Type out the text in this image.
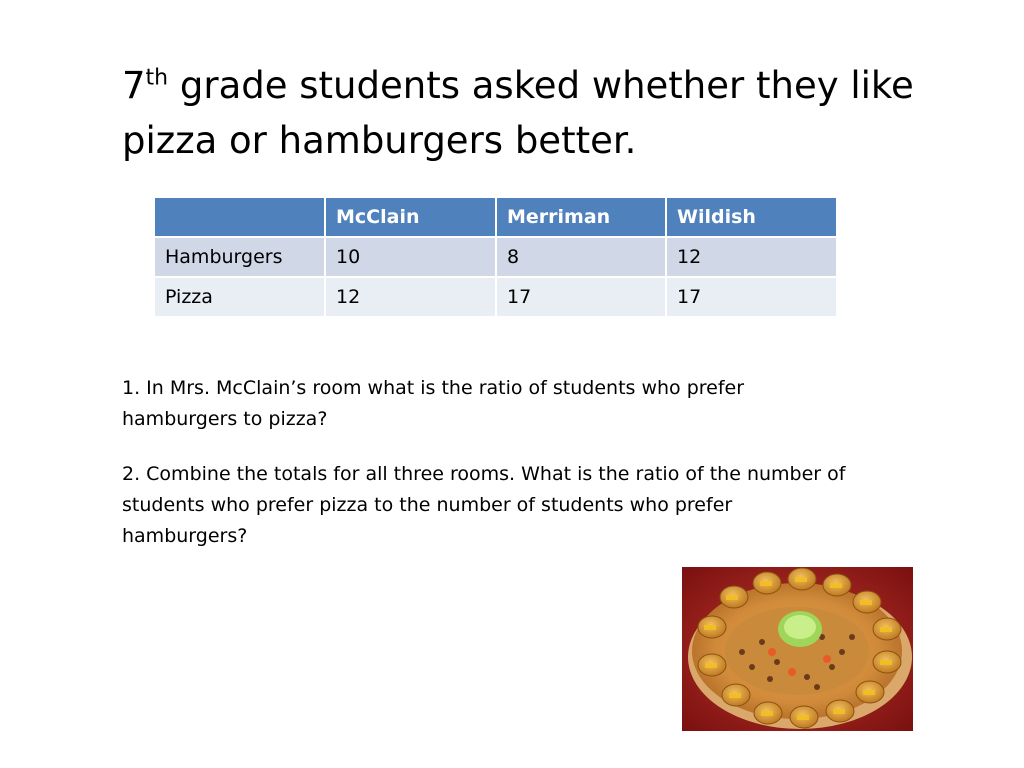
7th grade students asked whether they like pizza or hamburgers better.
	McClain	Merriman	Wildish
Hamburgers	10	8	12
Pizza	12	17	17

1. In Mrs. McClain’s room what is the ratio of students who prefer hamburgers to pizza?

2. Combine the totals for all three rooms. What is the ratio of the number of students who prefer pizza to the number of students who prefer hamburgers?
